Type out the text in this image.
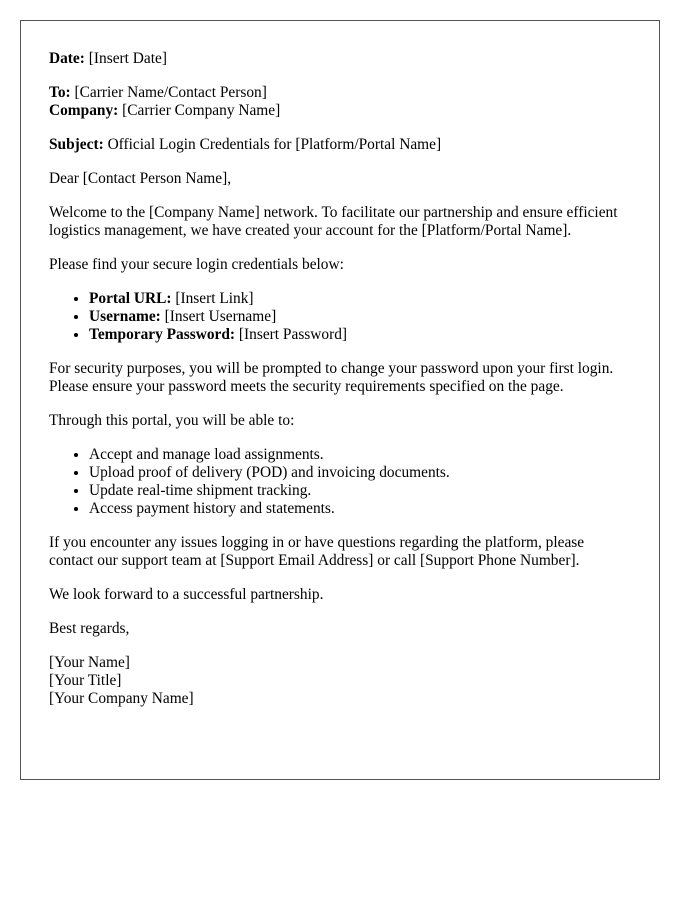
Date: [Insert Date]

To: [Carrier Name/Contact Person]

Company: [Carrier Company Name]

Subject: Official Login Credentials for [Platform/Portal Name]

Dear [Contact Person Name],

Welcome to the [Company Name] network. To facilitate our partnership and ensure efficient logistics management, we have created your account for the [Platform/Portal Name].

Please find your secure login credentials below:

• Portal URL: [Insert Link]
• Username: [Insert Username]
• Temporary Password: [Insert Password]

For security purposes, you will be prompted to change your password upon your first login. Please ensure your password meets the security requirements specified on the page.

Through this portal, you will be able to:

• Accept and manage load assignments.
• Upload proof of delivery (POD) and invoicing documents.
• Update real-time shipment tracking.
• Access payment history and statements.

If you encounter any issues logging in or have questions regarding the platform, please contact our support team at [Support Email Address] or call [Support Phone Number].

We look forward to a successful partnership.

Best regards,

[Your Name]

[Your Title]

[Your Company Name]
